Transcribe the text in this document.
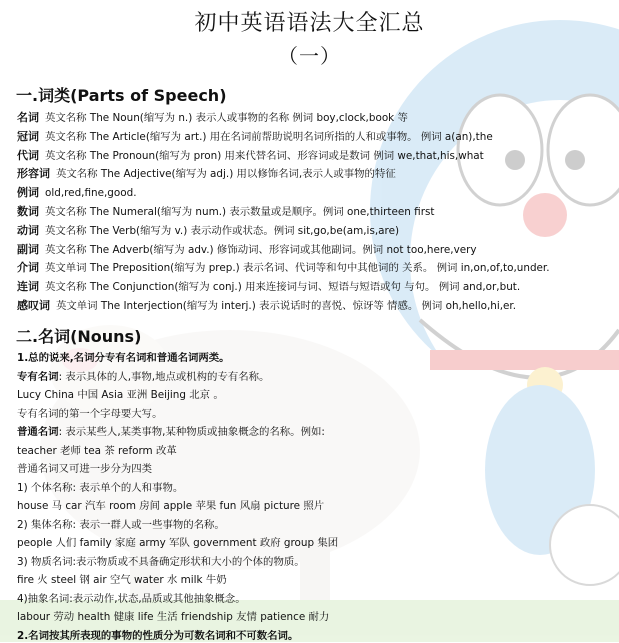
初中英语语法大全汇总
（一）
一.词类(Parts of Speech)
名词 英文名称 The Noun(缩写为 n.) 表示人或事物的名称 例词 boy,clock,book 等
冠词 英文名称 The Article(缩写为 art.) 用在名词前帮助说明名词所指的人和或事物。 例词 a(an),the
代词 英文名称 The Pronoun(缩写为 pron) 用来代替名词、形容词或是数词 例词 we,that,his,what
形容词 英文名称 The Adjective(缩写为 adj.) 用以修饰名词,表示人或事物的特征
例词 old,red,fine,good.
数词 英文名称 The Numeral(缩写为 num.) 表示数量或是顺序。例词 one,thirteen first
动词 英文名称 The Verb(缩写为 v.) 表示动作或状态。例词 sit,go,be(am,is,are)
副词 英文名称 The Adverb(缩写为 adv.) 修饰动词、形容词或其他副词。例词 not too,here,very
介词 英文单词 The Preposition(缩写为 prep.) 表示名词、代词等和句中其他词的 关系。 例词 in,on,of,to,under.
连词 英文名称 The Conjunction(缩写为 conj.) 用来连接词与词、短语与短语或句 与句。 例词 and,or,but.
感叹词 英文单词 The Interjection(缩写为 interj.) 表示说话时的喜悦、惊讶等 情感。 例词 oh,hello,hi,er.
二.名词(Nouns)
1.总的说来,名词分专有名词和普通名词两类。
专有名词: 表示具体的人,事物,地点或机构的专有名称。
Lucy China 中国 Asia 亚洲 Beijing 北京 。
专有名词的第一个字母要大写。
普通名词: 表示某些人,某类事物,某种物质或抽象概念的名称。例如:
teacher 老师 tea 茶 reform 改革
普通名词又可进一步分为四类
1) 个体名称: 表示单个的人和事物。
house 马 car 汽车 room 房间 apple 苹果 fun 风扇 picture 照片
2) 集体名称: 表示一群人或一些事物的名称。
people 人们 family 家庭 army 军队 government 政府 group 集团
3) 物质名词:表示物质或不具备确定形状和大小的个体的物质。
fire 火 steel 钢 air 空气 water 水 milk 牛奶
4)抽象名词:表示动作,状态,品质或其他抽象概念。
labour 劳动 health 健康 life 生活 friendship 友情 patience 耐力
2.名词按其所表现的事物的性质分为可数名词和不可数名词。
